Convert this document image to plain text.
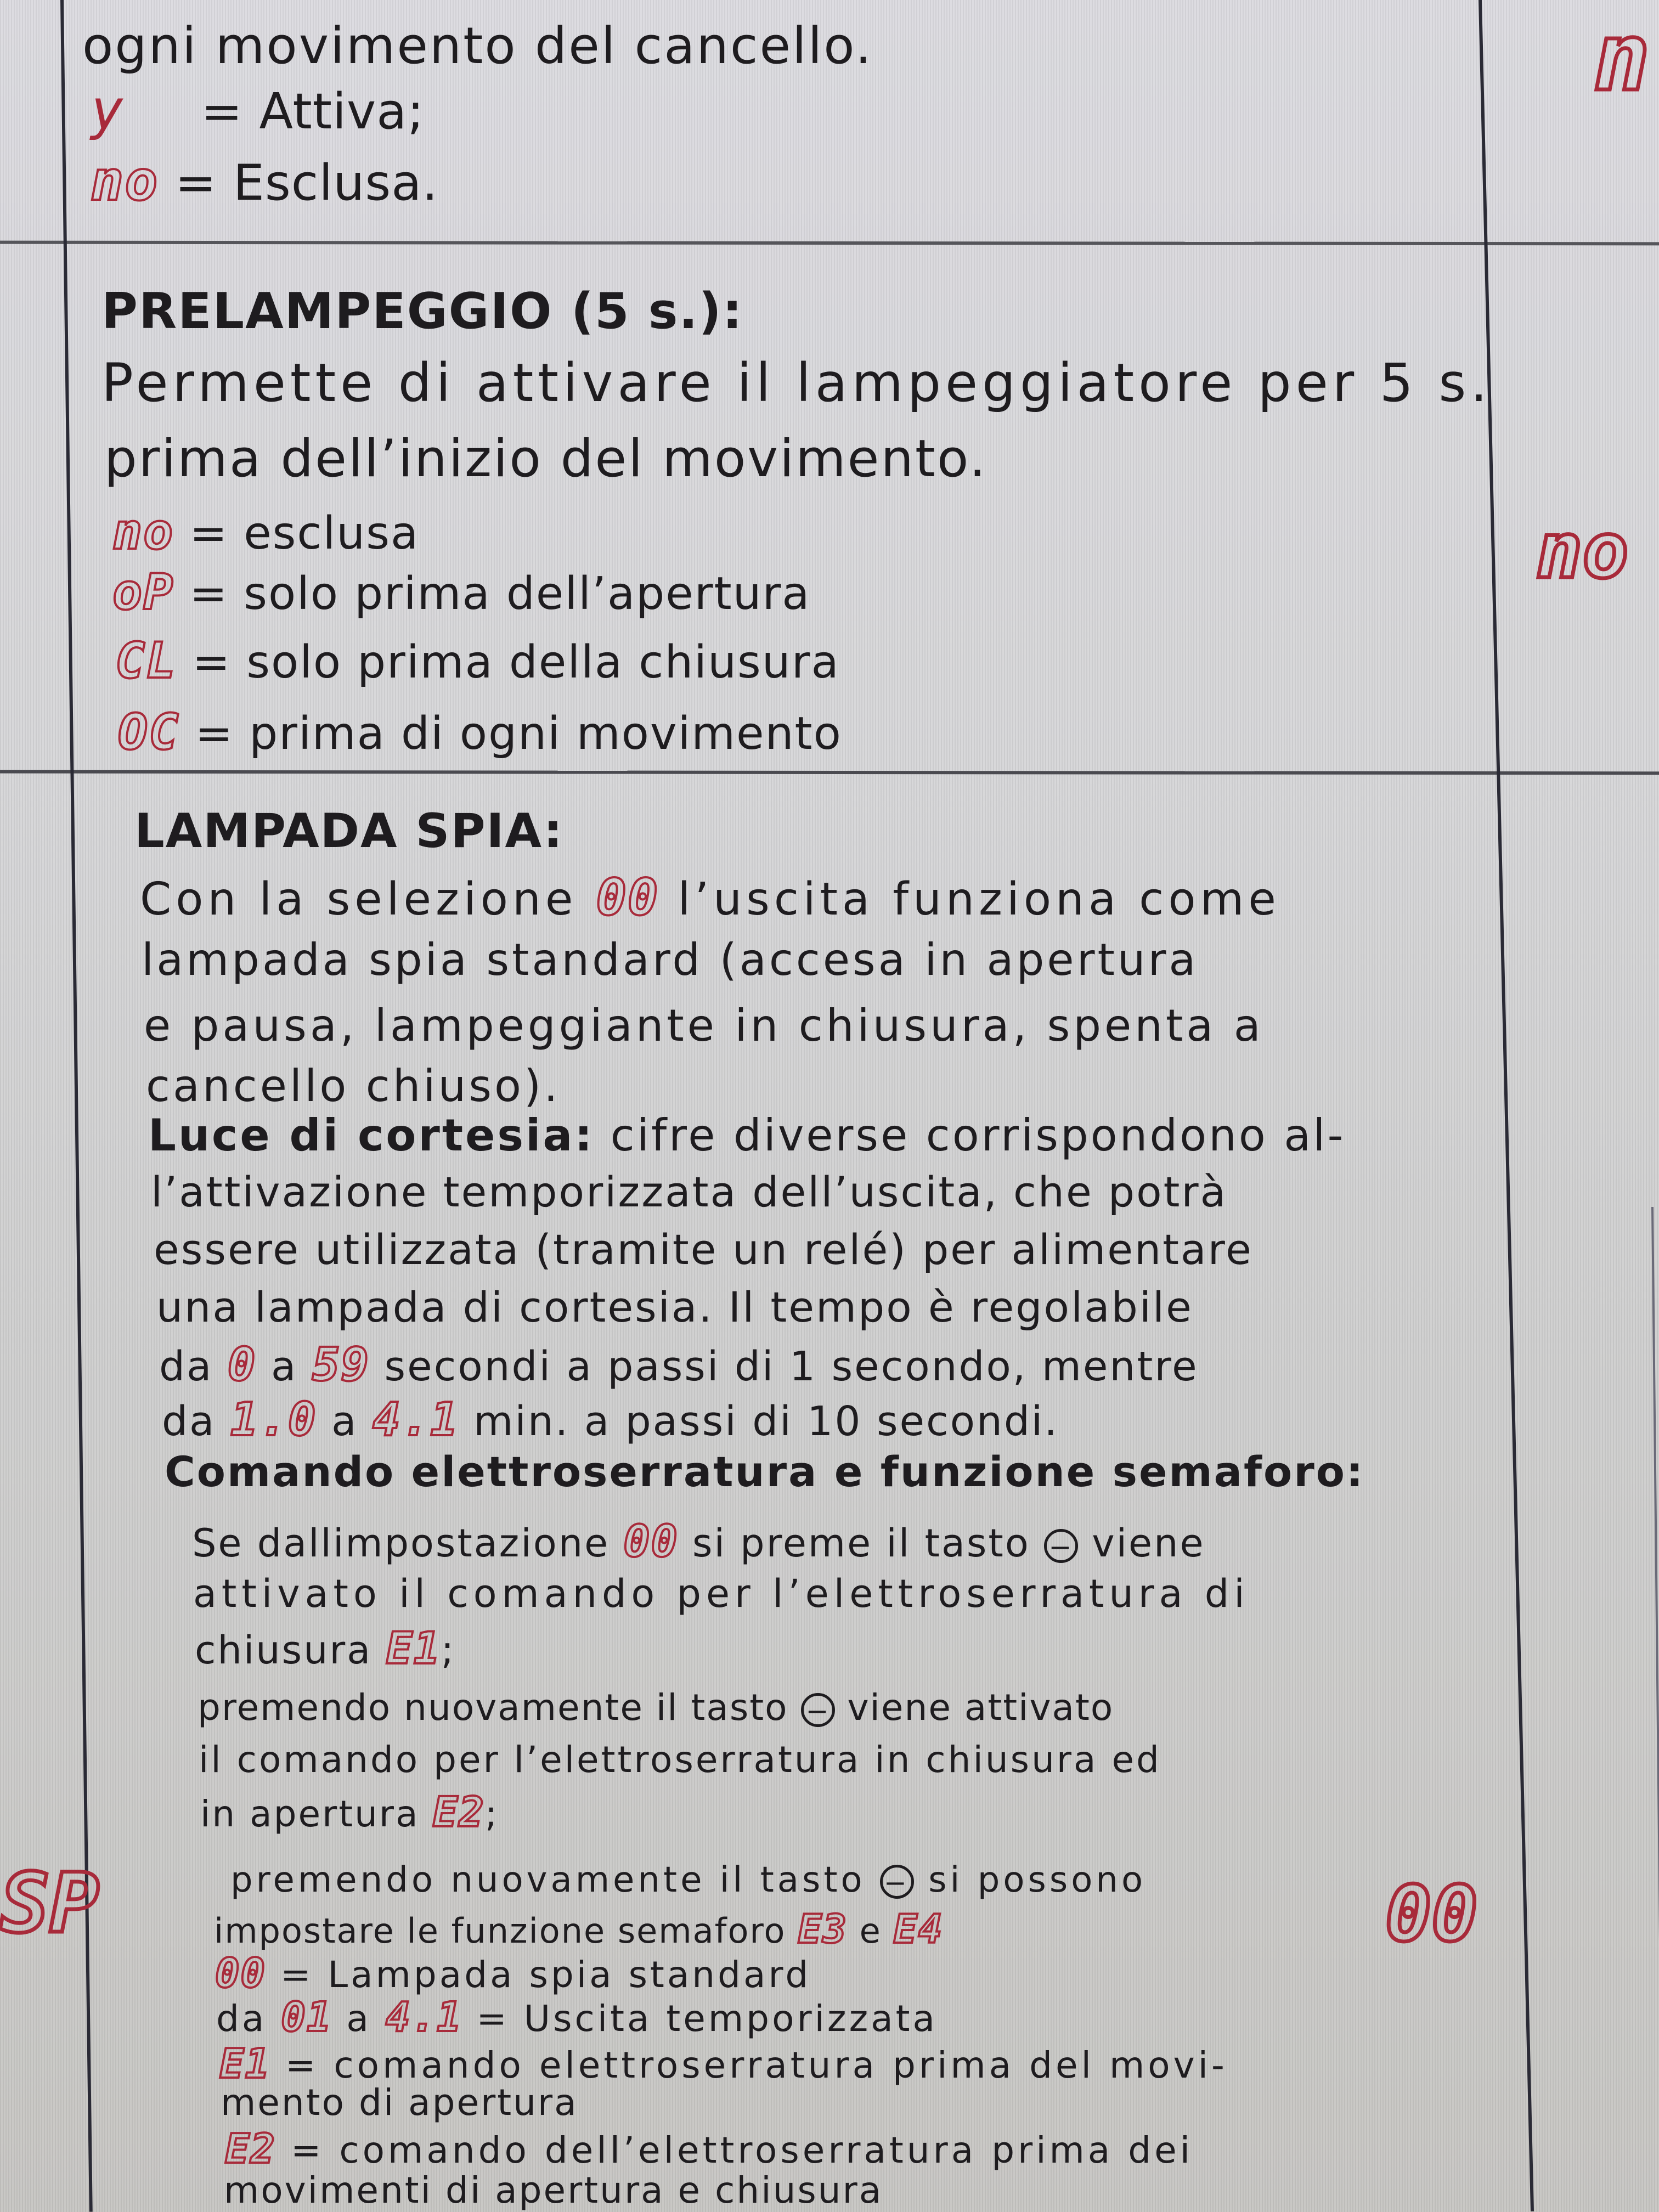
ogni movimento del cancello.
y = Attiva;
no = Esclusa.
n
PRELAMPEGGIO (5 s.):
Permette di attivare il lampeggiatore per 5 s.
prima dell’inizio del movimento.
no = esclusa
oP = solo prima dell’apertura
CL = solo prima della chiusura
OC = prima di ogni movimento
no
LAMPADA SPIA:
Con la selezione 00 l’uscita funziona come
lampada spia standard (accesa in apertura
e pausa, lampeggiante in chiusura, spenta a
cancello chiuso).
Luce di cortesia: cifre diverse corrispondono al-
l’attivazione temporizzata dell’uscita, che potrà
essere utilizzata (tramite un relé) per alimentare
una lampada di cortesia. Il tempo è regolabile
da 0 a 59 secondi a passi di 1 secondo, mentre
da 1.0 a 4.1 min. a passi di 10 secondi.
Comando elettroserratura e funzione semaforo:
Se dallimpostazione 00 si preme il tasto − viene
attivato il comando per l’elettroserratura di
chiusura E1;
premendo nuovamente il tasto − viene attivato
il comando per l’elettroserratura in chiusura ed
in apertura E2;
premendo nuovamente il tasto − si possono
impostare le funzione semaforo E3 e E4
00 = Lampada spia standard
da 01 a 4.1 = Uscita temporizzata
E1 = comando elettroserratura prima del movi-
mento di apertura
E2 = comando dell’elettroserratura prima dei
movimenti di apertura e chiusura
SP	00
